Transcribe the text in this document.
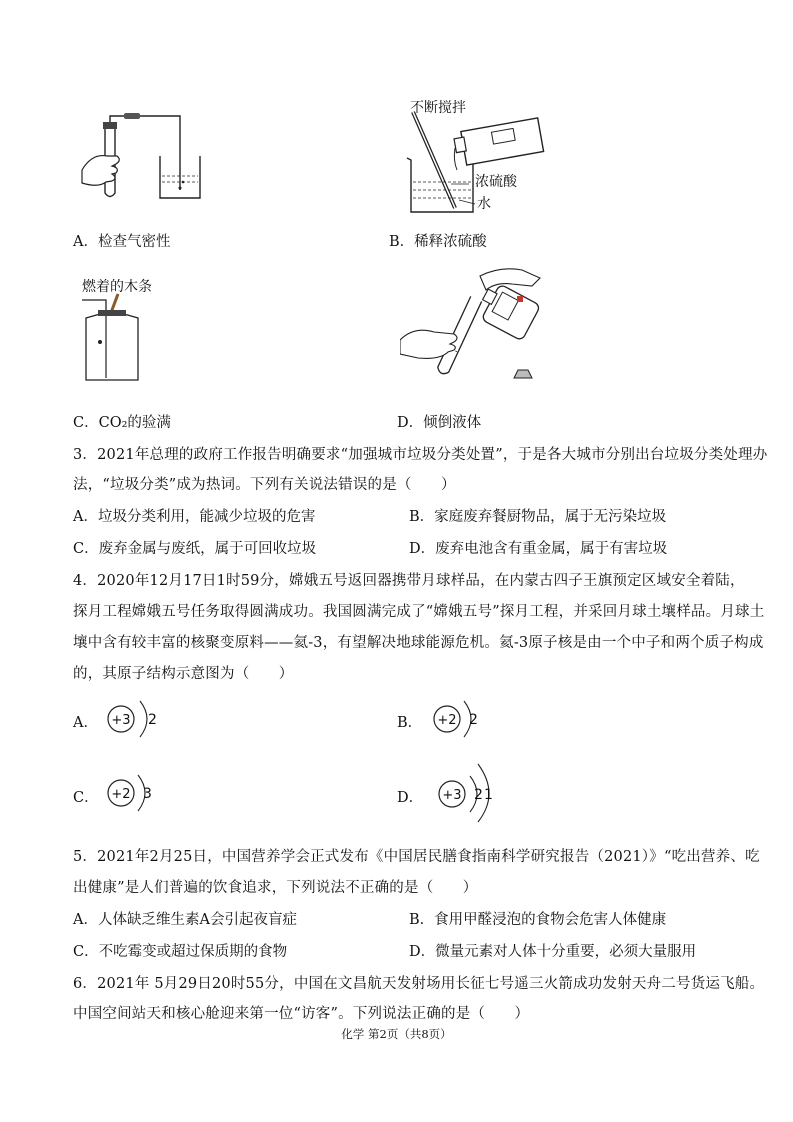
A．检查气密性
不断搅拌
浓硫酸
水
B．稀释浓硫酸
燃着的木条
C．CO₂的验满	D．倾倒液体
3．2021年总理的政府工作报告明确要求“加强城市垃圾分类处置”，于是各大城市分别出台垃圾分类处理办
法，“垃圾分类”成为热词。下列有关说法错误的是（　　）
A．垃圾分类利用，能减少垃圾的危害	B．家庭废弃餐厨物品，属于无污染垃圾
C．废弃金属与废纸，属于可回收垃圾	D．废弃电池含有重金属，属于有害垃圾
4．2020年12月17日1时59分，嫦娥五号返回器携带月球样品，在内蒙古四子王旗预定区域安全着陆，
探月工程嫦娥五号任务取得圆满成功。我国圆满完成了“嫦娥五号”探月工程，并采回月球土壤样品。月球土
壤中含有较丰富的核聚变原料——氦-3，有望解决地球能源危机。氦-3原子核是由一个中子和两个质子构成
的，其原子结构示意图为（　　）
A． +3 2	B． +2 2
C． +2 3	D． +3 2 1
5．2021年2月25日，中国营养学会正式发布《中国居民膳食指南科学研究报告（2021）》“吃出营养、吃
出健康”是人们普遍的饮食追求，下列说法不正确的是（　　）
A．人体缺乏维生素A会引起夜盲症	B．食用甲醛浸泡的食物会危害人体健康
C．不吃霉变或超过保质期的食物	D．微量元素对人体十分重要，必须大量服用
6．2021年 5月29日20时55分，中国在文昌航天发射场用长征七号遥三火箭成功发射天舟二号货运飞船。
中国空间站天和核心舱迎来第一位“访客”。下列说法正确的是（　　）
化学 第2页（共8页）
